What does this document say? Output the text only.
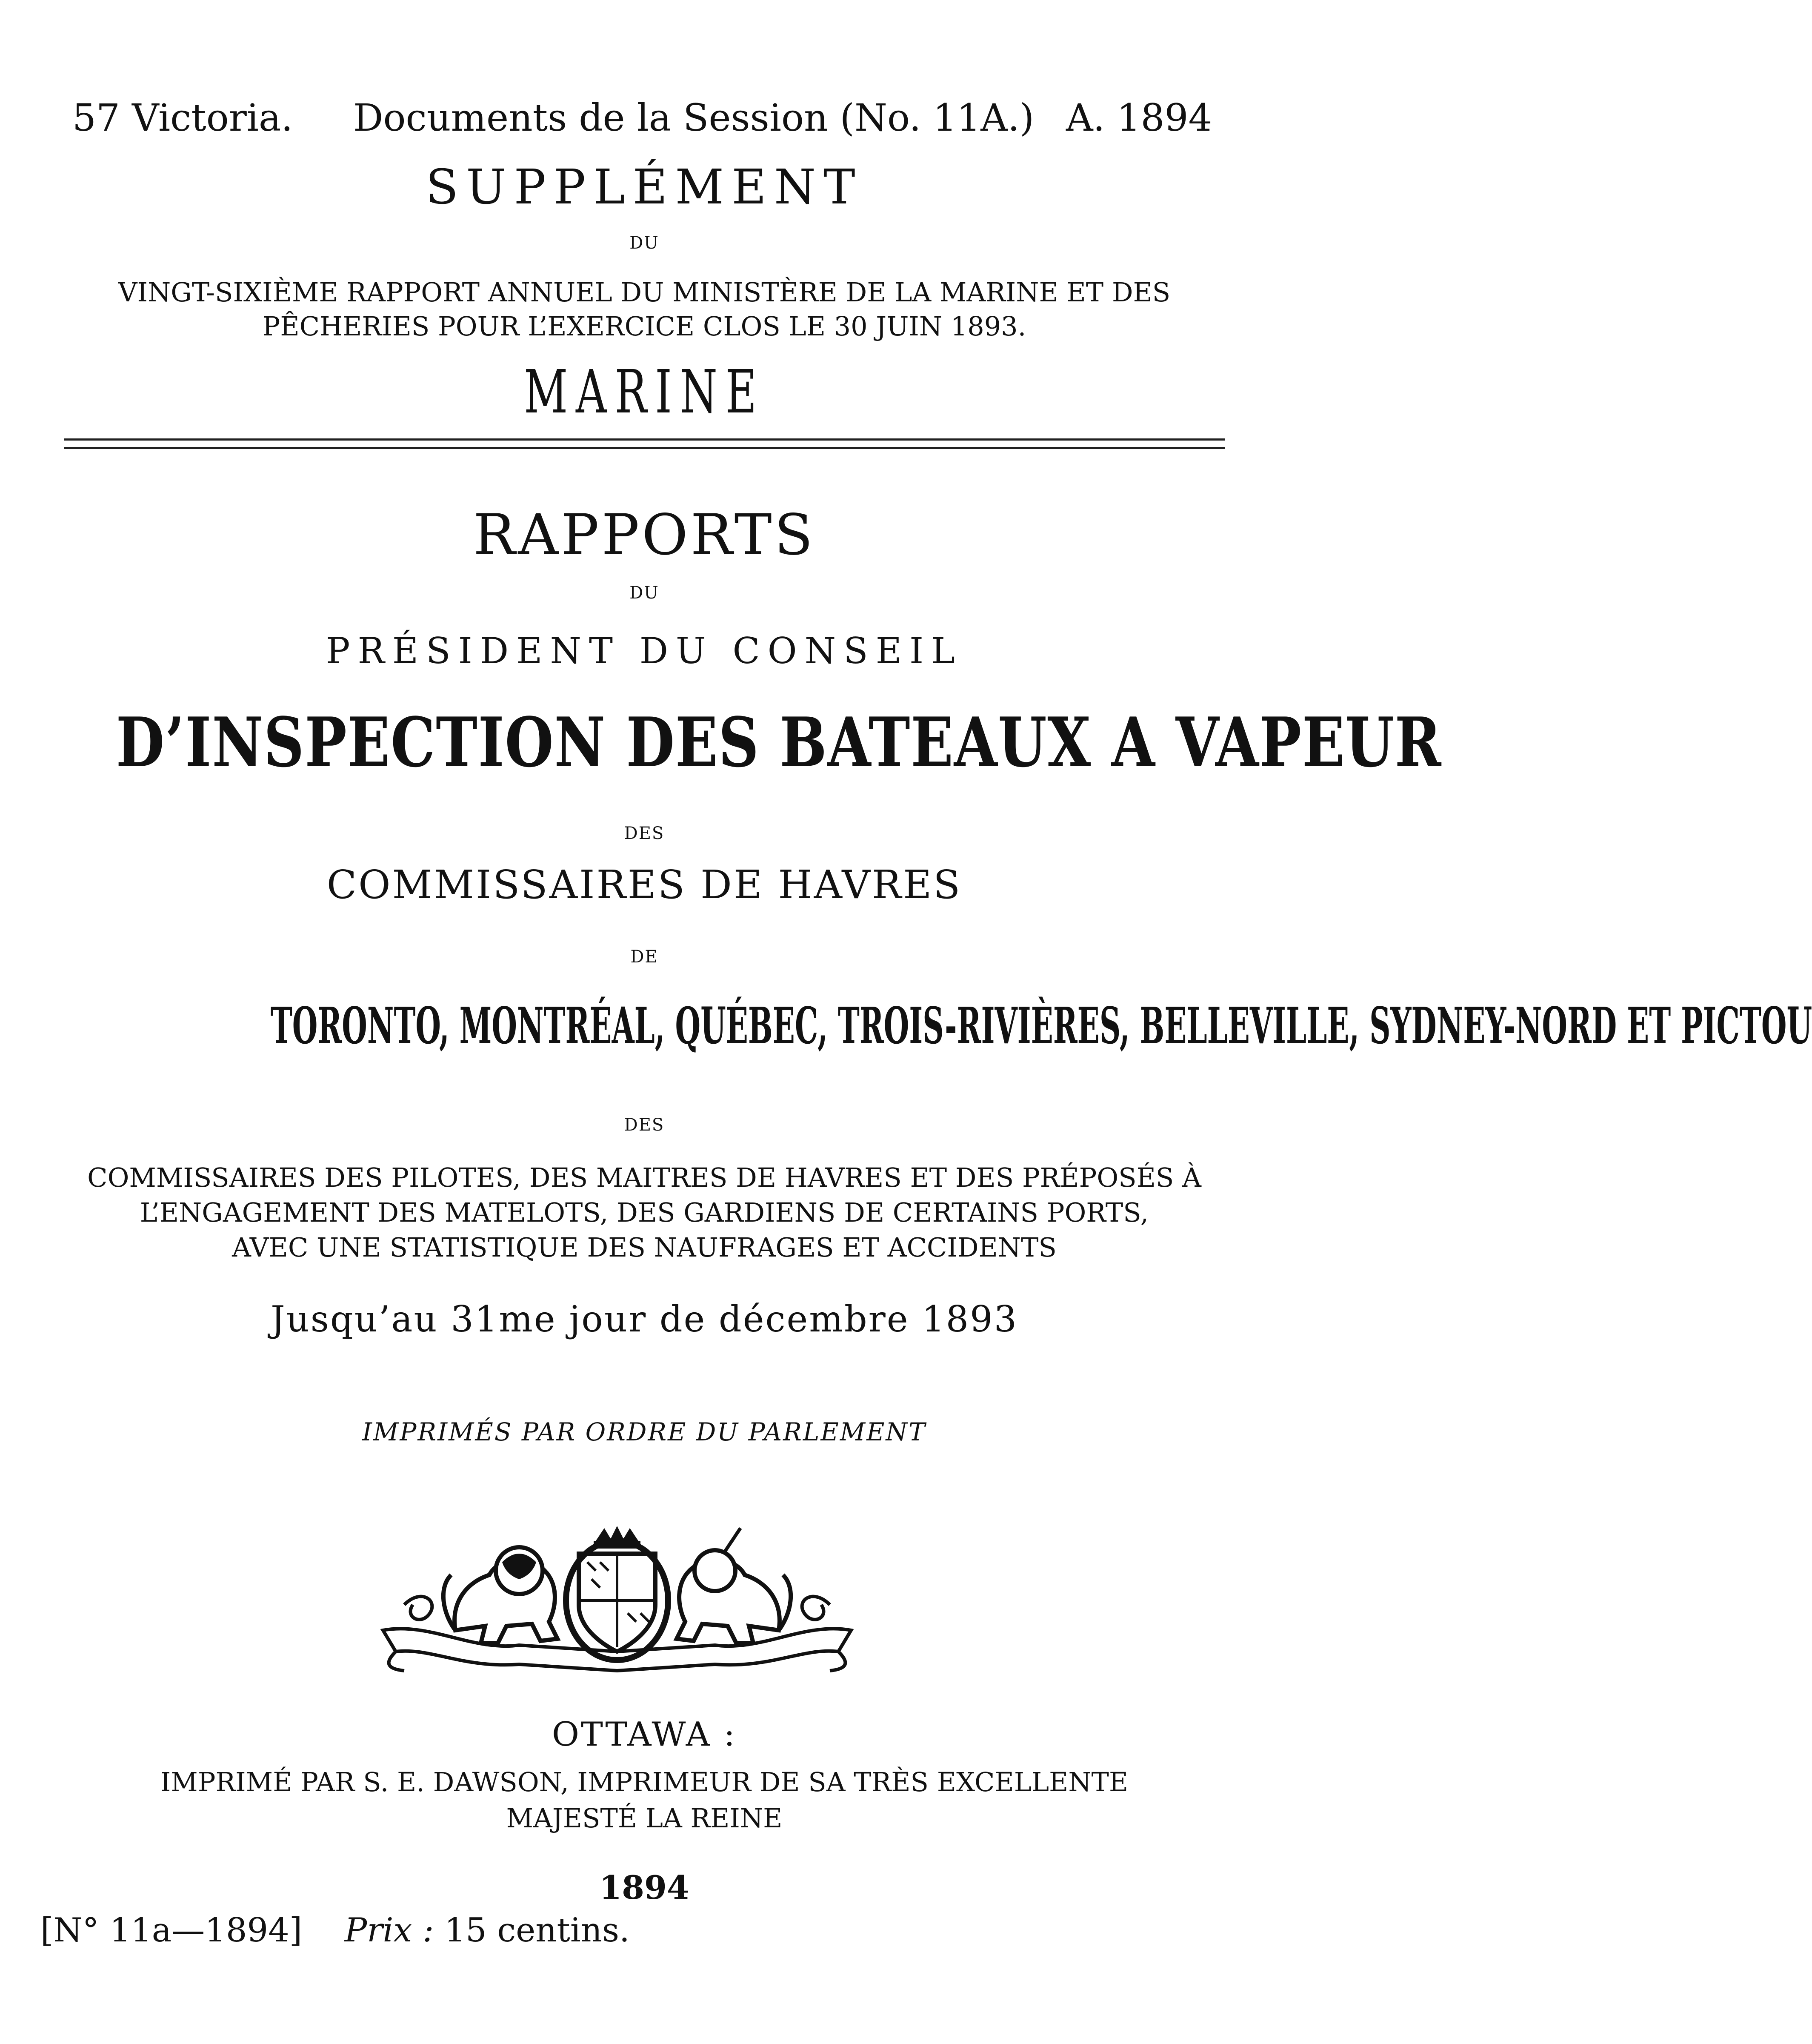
57 Victoria. Documents de la Session (No. 11A.) A. 1894
SUPPLÉMENT
DU
VINGT-SIXIÈME RAPPORT ANNUEL DU MINISTÈRE DE LA MARINE ET DES
PÊCHERIES POUR L’EXERCICE CLOS LE 30 JUIN 1893.
MARINE
RAPPORTS
DU
PRÉSIDENT DU CONSEIL
D’INSPECTION DES BATEAUX A VAPEUR
DES
COMMISSAIRES DE HAVRES
DE
TORONTO, MONTRÉAL, QUÉBEC, TROIS-RIVIÈRES, BELLEVILLE, SYDNEY-NORD ET PICTOU
DES
COMMISSAIRES DES PILOTES, DES MAITRES DE HAVRES ET DES PRÉPOSÉS À
L’ENGAGEMENT DES MATELOTS, DES GARDIENS DE CERTAINS PORTS,
AVEC UNE STATISTIQUE DES NAUFRAGES ET ACCIDENTS
Jusqu’au 31me jour de décembre 1893
IMPRIMÉS PAR ORDRE DU PARLEMENT
OTTAWA :
IMPRIMÉ PAR S. E. DAWSON, IMPRIMEUR DE SA TRÈS EXCELLENTE
MAJESTÉ LA REINE
1894
[N° 11a—1894] Prix : 15 centins.
